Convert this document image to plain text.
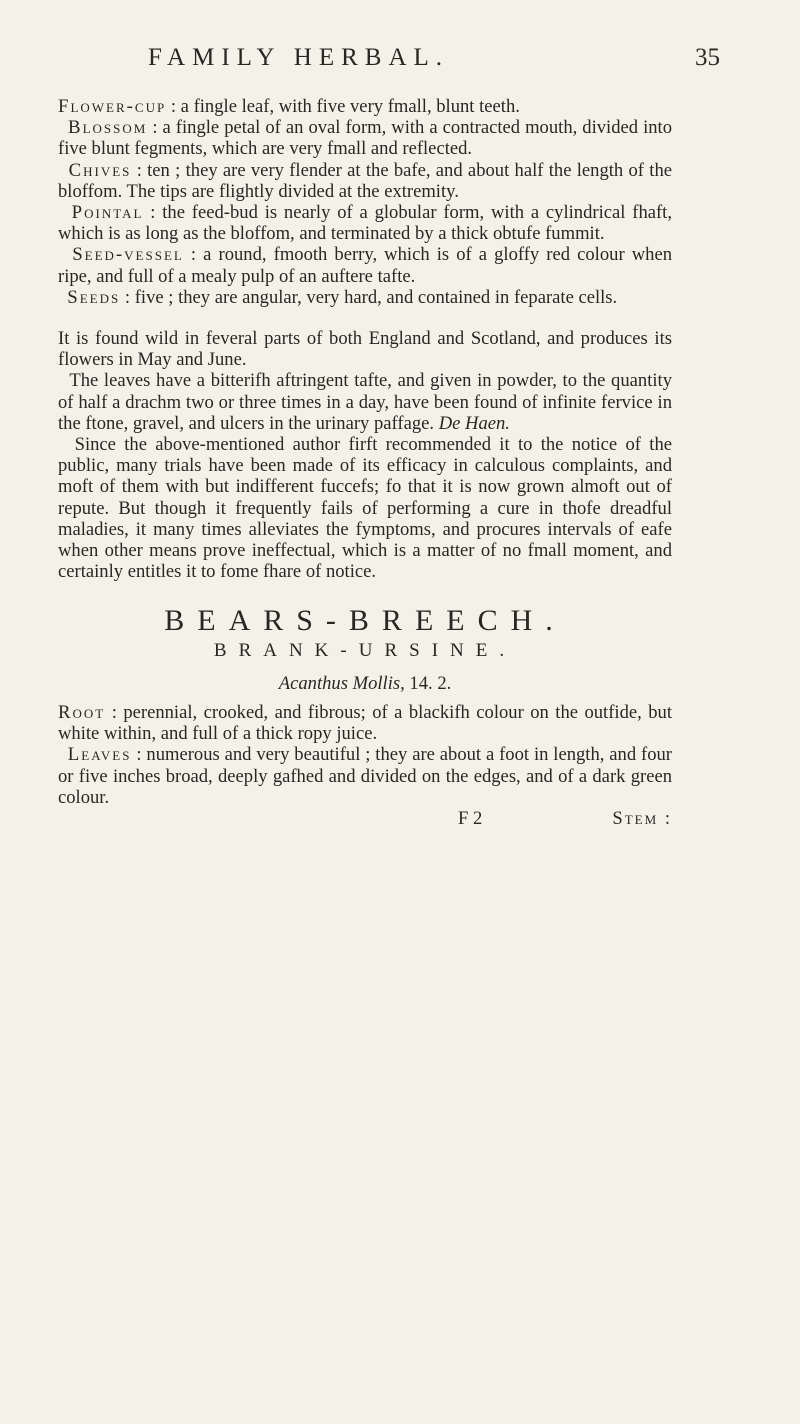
FAMILY HERBAL.	35

Flower-cup : a fingle leaf, with five very fmall, blunt teeth.

Blossom : a fingle petal of an oval form, with a contracted mouth, divided into five blunt fegments, which are very fmall and reflected.

Chives : ten ; they are very flender at the bafe, and about half the length of the bloffom. The tips are flightly divided at the extremity.

Pointal : the feed-bud is nearly of a globular form, with a cylindrical fhaft, which is as long as the bloffom, and terminated by a thick obtufe fummit.

Seed-vessel : a round, fmooth berry, which is of a gloffy red colour when ripe, and full of a mealy pulp of an auftere tafte.

Seeds : five ; they are angular, very hard, and contained in feparate cells.

It is found wild in feveral parts of both England and Scotland, and produces its flowers in May and June.

The leaves have a bitterifh aftringent tafte, and given in powder, to the quantity of half a drachm two or three times in a day, have been found of infinite fervice in the ftone, gravel, and ulcers in the urinary paffage. De Haen.

Since the above-mentioned author firft recommended it to the notice of the public, many trials have been made of its efficacy in calculous complaints, and moft of them with but indifferent fuccefs; fo that it is now grown almoft out of repute. But though it frequently fails of performing a cure in thofe dreadful maladies, it many times alleviates the fymptoms, and procures intervals of eafe when other means prove ineffectual, which is a matter of no fmall moment, and certainly entitles it to fome fhare of notice.

BEARS-BREECH.
BRANK-URSINE.
Acanthus Mollis, 14. 2.

Root : perennial, crooked, and fibrous; of a blackifh colour on the outfide, but white within, and full of a thick ropy juice.

Leaves : numerous and very beautiful ; they are about a foot in length, and four or five inches broad, deeply gafhed and divided on the edges, and of a dark green colour.

F 2	Stem :
